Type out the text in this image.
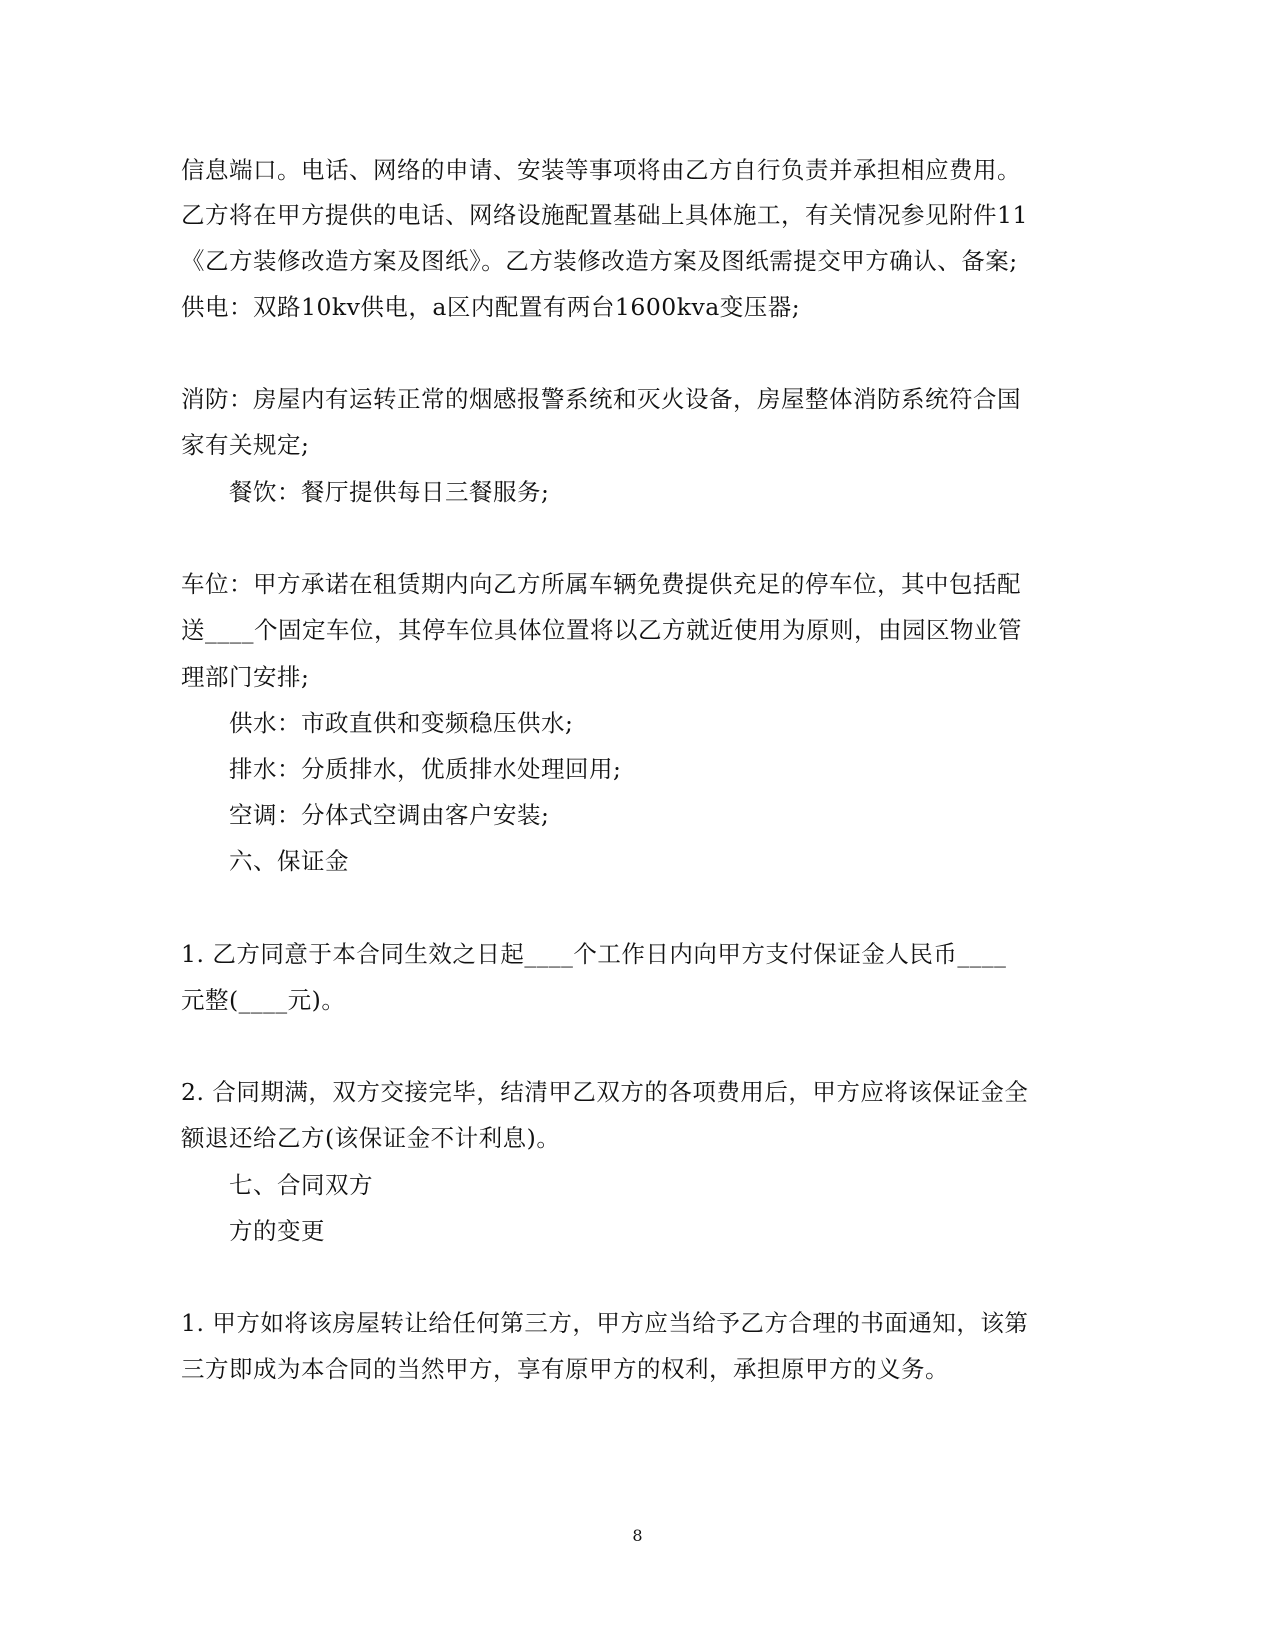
信息端口。电话、网络的申请、安装等事项将由乙方自行负责并承担相应费用。
乙方将在甲方提供的电话、网络设施配置基础上具体施工，有关情况参见附件11
《乙方装修改造方案及图纸》。乙方装修改造方案及图纸需提交甲方确认、备案;
供电：双路10kv供电，a区内配置有两台1600kva变压器;
消防：房屋内有运转正常的烟感报警系统和灭火设备，房屋整体消防系统符合国
家有关规定;
餐饮：餐厅提供每日三餐服务;
车位：甲方承诺在租赁期内向乙方所属车辆免费提供充足的停车位，其中包括配
送____个固定车位，其停车位具体位置将以乙方就近使用为原则，由园区物业管
理部门安排;
供水：市政直供和变频稳压供水;
排水：分质排水，优质排水处理回用;
空调：分体式空调由客户安装;
六、保证金
1. 乙方同意于本合同生效之日起____个工作日内向甲方支付保证金人民币____
元整(____元)。
2. 合同期满，双方交接完毕，结清甲乙双方的各项费用后，甲方应将该保证金全
额退还给乙方(该保证金不计利息)。
七、合同双方
方的变更
1. 甲方如将该房屋转让给任何第三方，甲方应当给予乙方合理的书面通知，该第
三方即成为本合同的当然甲方，享有原甲方的权利，承担原甲方的义务。
8
